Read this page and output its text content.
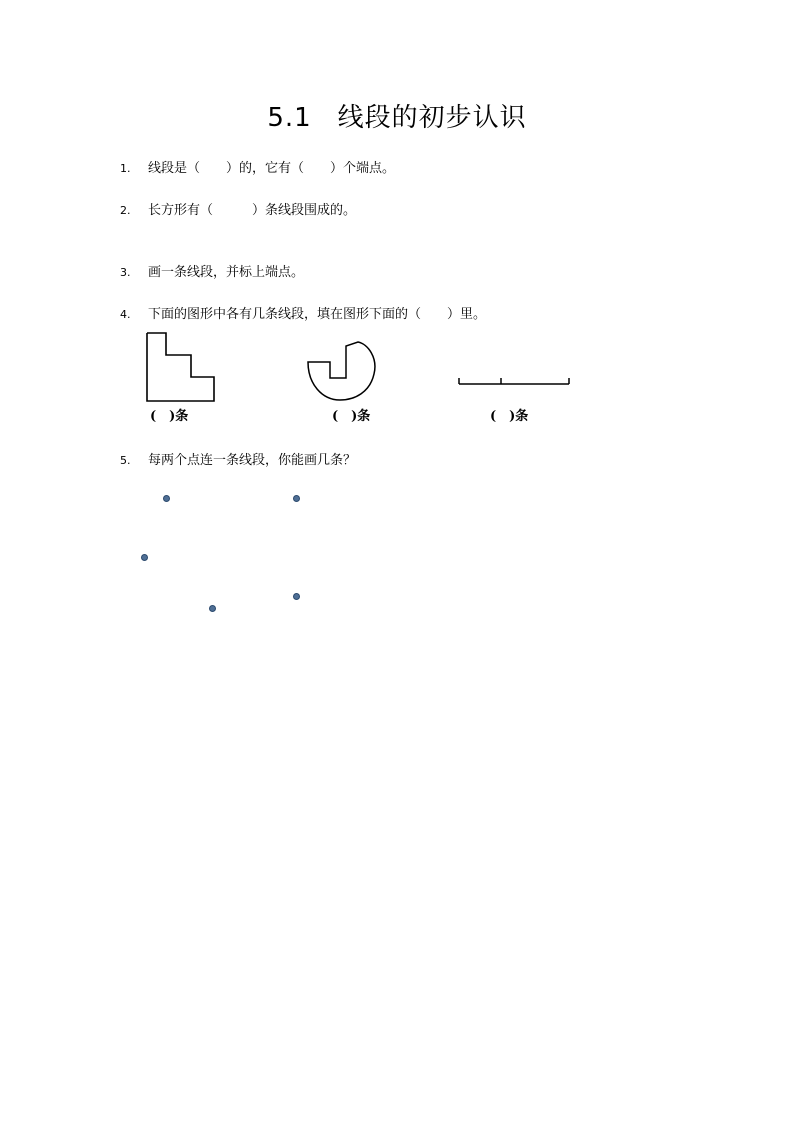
5.1 线段的初步认识
1. 线段是（　　）的，它有（　　）个端点。
2. 长方形有（　　　）条线段围成的。
3. 画一条线段，并标上端点。
4. 下面的图形中各有几条线段，填在图形下面的（　　）里。
(　)条	(　)条	(　)条
5. 每两个点连一条线段，你能画几条？
